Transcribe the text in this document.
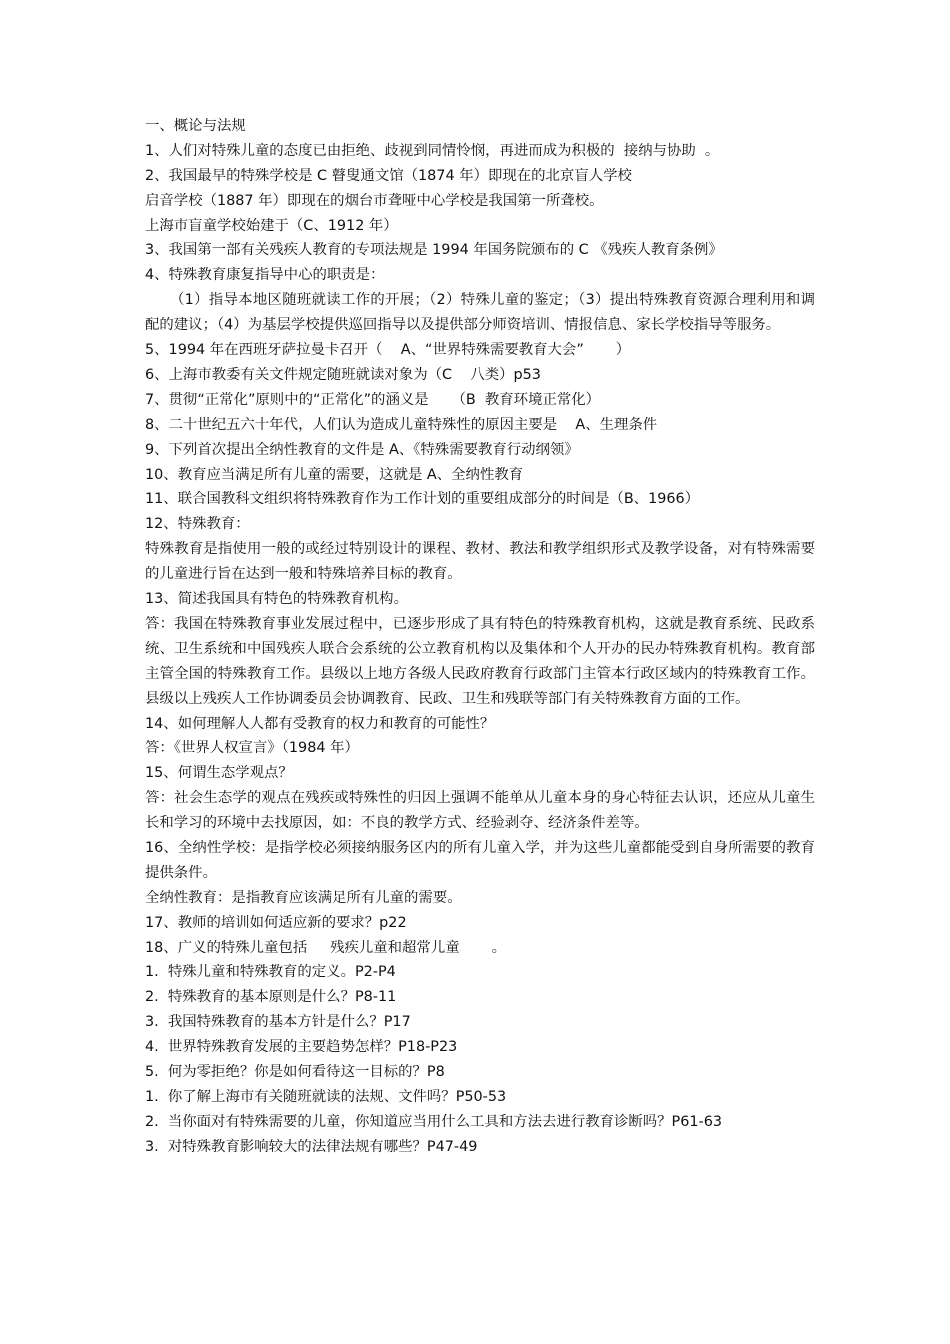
一、概论与法规
1、人们对特殊儿童的态度已由拒绝、歧视到同情怜悯，再进而成为积极的  接纳与协助  。
2、我国最早的特殊学校是 C 瞽叟通文馆（1874 年）即现在的北京盲人学校
启音学校（1887 年）即现在的烟台市聋哑中心学校是我国第一所聋校。
上海市盲童学校始建于（C、1912 年）
3、我国第一部有关残疾人教育的专项法规是 1994 年国务院颁布的 C 《残疾人教育条例》
4、特殊教育康复指导中心的职责是：
（1）指导本地区随班就读工作的开展；（2）特殊儿童的鉴定；（3）提出特殊教育资源合理利用和调配的建议；（4）为基层学校提供巡回指导以及提供部分师资培训、情报信息、家长学校指导等服务。
5、1994 年在西班牙萨拉曼卡召开（    A、“世界特殊需要教育大会”       ）
6、上海市教委有关文件规定随班就读对象为（C    八类）p53
7、贯彻“正常化”原则中的“正常化”的涵义是     （B  教育环境正常化）
8、二十世纪五六十年代，人们认为造成儿童特殊性的原因主要是    A、生理条件
9、下列首次提出全纳性教育的文件是 A、《特殊需要教育行动纲领》
10、教育应当满足所有儿童的需要，这就是 A、全纳性教育
11、联合国教科文组织将特殊教育作为工作计划的重要组成部分的时间是（B、1966）
12、特殊教育：
特殊教育是指使用一般的或经过特别设计的课程、教材、教法和教学组织形式及教学设备，对有特殊需要的儿童进行旨在达到一般和特殊培养目标的教育。
13、简述我国具有特色的特殊教育机构。
答：我国在特殊教育事业发展过程中，已逐步形成了具有特色的特殊教育机构，这就是教育系统、民政系统、卫生系统和中国残疾人联合会系统的公立教育机构以及集体和个人开办的民办特殊教育机构。教育部主管全国的特殊教育工作。县级以上地方各级人民政府教育行政部门主管本行政区域内的特殊教育工作。县级以上残疾人工作协调委员会协调教育、民政、卫生和残联等部门有关特殊教育方面的工作。
14、如何理解人人都有受教育的权力和教育的可能性？
答：《世界人权宣言》（1984 年）
15、何谓生态学观点？
答：社会生态学的观点在残疾或特殊性的归因上强调不能单从儿童本身的身心特征去认识，还应从儿童生长和学习的环境中去找原因，如：不良的教学方式、经验剥夺、经济条件差等。
16、全纳性学校：是指学校必须接纳服务区内的所有儿童入学，并为这些儿童都能受到自身所需要的教育提供条件。
全纳性教育：是指教育应该满足所有儿童的需要。
17、教师的培训如何适应新的要求？p22
18、广义的特殊儿童包括     残疾儿童和超常儿童       。
1.  特殊儿童和特殊教育的定义。P2-P4
2.  特殊教育的基本原则是什么？P8-11
3.  我国特殊教育的基本方针是什么？P17
4.  世界特殊教育发展的主要趋势怎样？P18-P23
5.  何为零拒绝？你是如何看待这一目标的？P8
1.  你了解上海市有关随班就读的法规、文件吗？P50-53
2.  当你面对有特殊需要的儿童，你知道应当用什么工具和方法去进行教育诊断吗？P61-63
3.  对特殊教育影响较大的法律法规有哪些？P47-49
